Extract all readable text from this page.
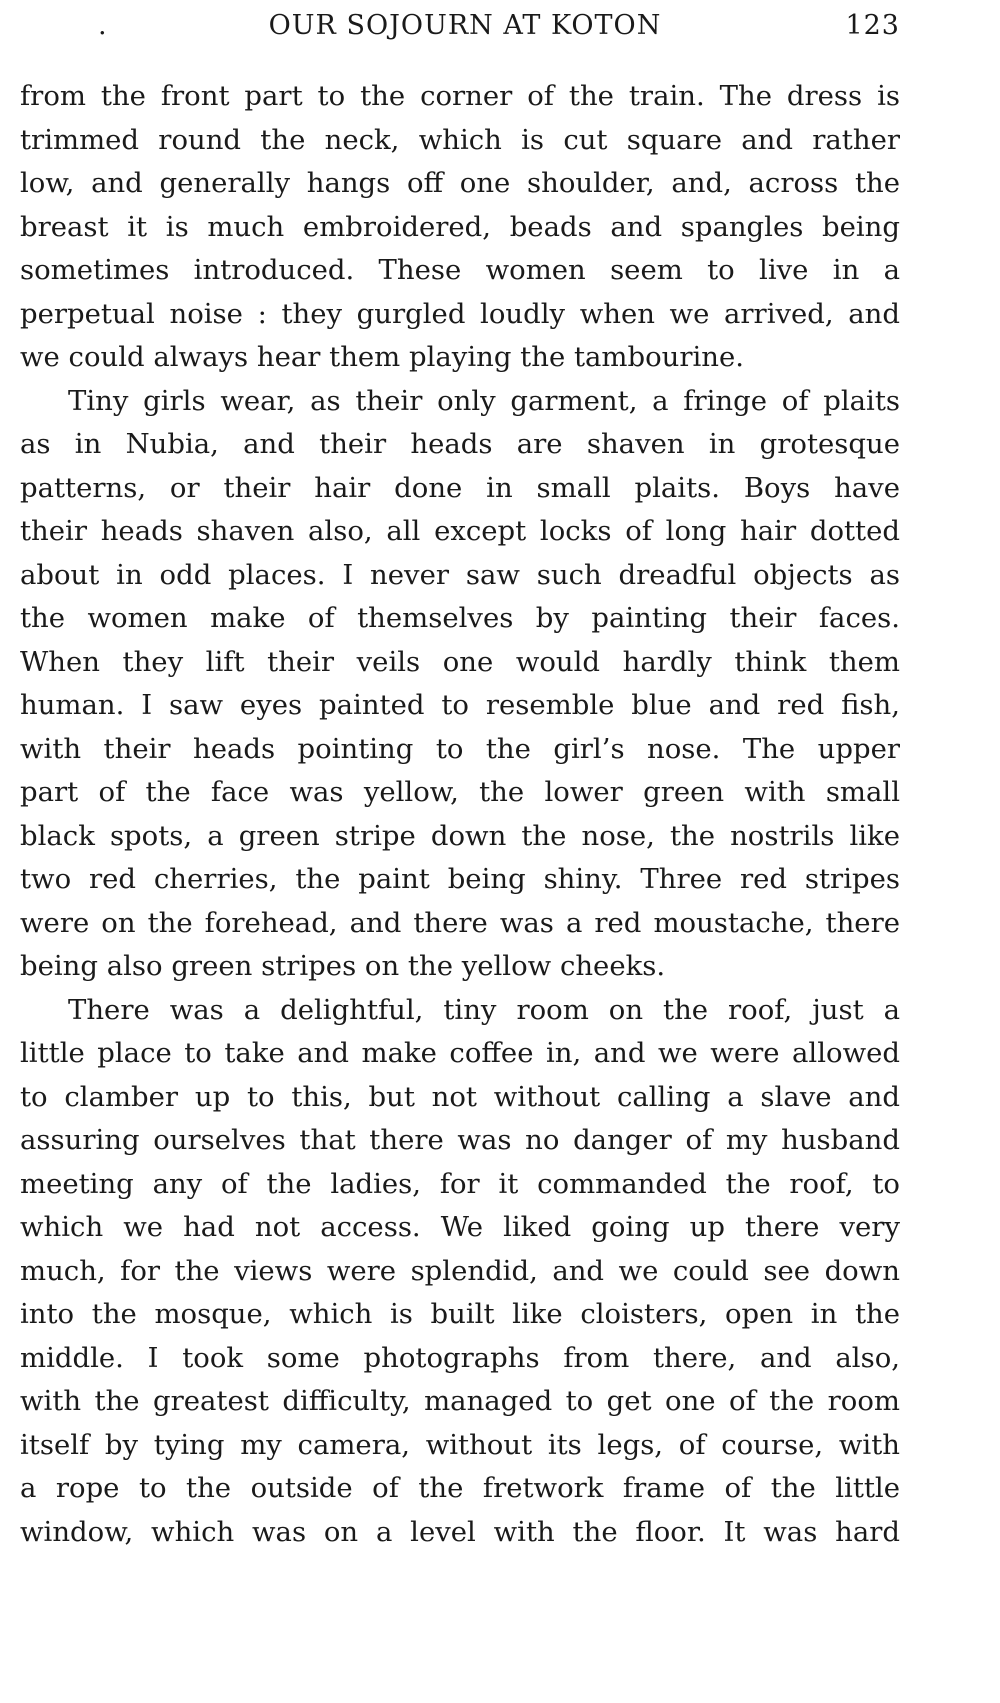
.	OUR SOJOURN AT KOTON	123
from the front part to the corner of the train. The dress is
trimmed round the neck, which is cut square and rather
low, and generally hangs off one shoulder, and, across the
breast it is much embroidered, beads and spangles being
sometimes introduced. These women seem to live in a
perpetual noise : they gurgled loudly when we arrived, and
we could always hear them playing the tambourine.
Tiny girls wear, as their only garment, a fringe of plaits
as in Nubia, and their heads are shaven in grotesque
patterns, or their hair done in small plaits. Boys have
their heads shaven also, all except locks of long hair dotted
about in odd places. I never saw such dreadful objects as
the women make of themselves by painting their faces.
When they lift their veils one would hardly think them
human. I saw eyes painted to resemble blue and red fish,
with their heads pointing to the girl’s nose. The upper
part of the face was yellow, the lower green with small
black spots, a green stripe down the nose, the nostrils like
two red cherries, the paint being shiny. Three red stripes
were on the forehead, and there was a red moustache, there
being also green stripes on the yellow cheeks.
There was a delightful, tiny room on the roof, just a
little place to take and make coffee in, and we were allowed
to clamber up to this, but not without calling a slave and
assuring ourselves that there was no danger of my husband
meeting any of the ladies, for it commanded the roof, to
which we had not access. We liked going up there very
much, for the views were splendid, and we could see down
into the mosque, which is built like cloisters, open in the
middle. I took some photographs from there, and also,
with the greatest difficulty, managed to get one of the room
itself by tying my camera, without its legs, of course, with
a rope to the outside of the fretwork frame of the little
window, which was on a level with the floor. It was hard
